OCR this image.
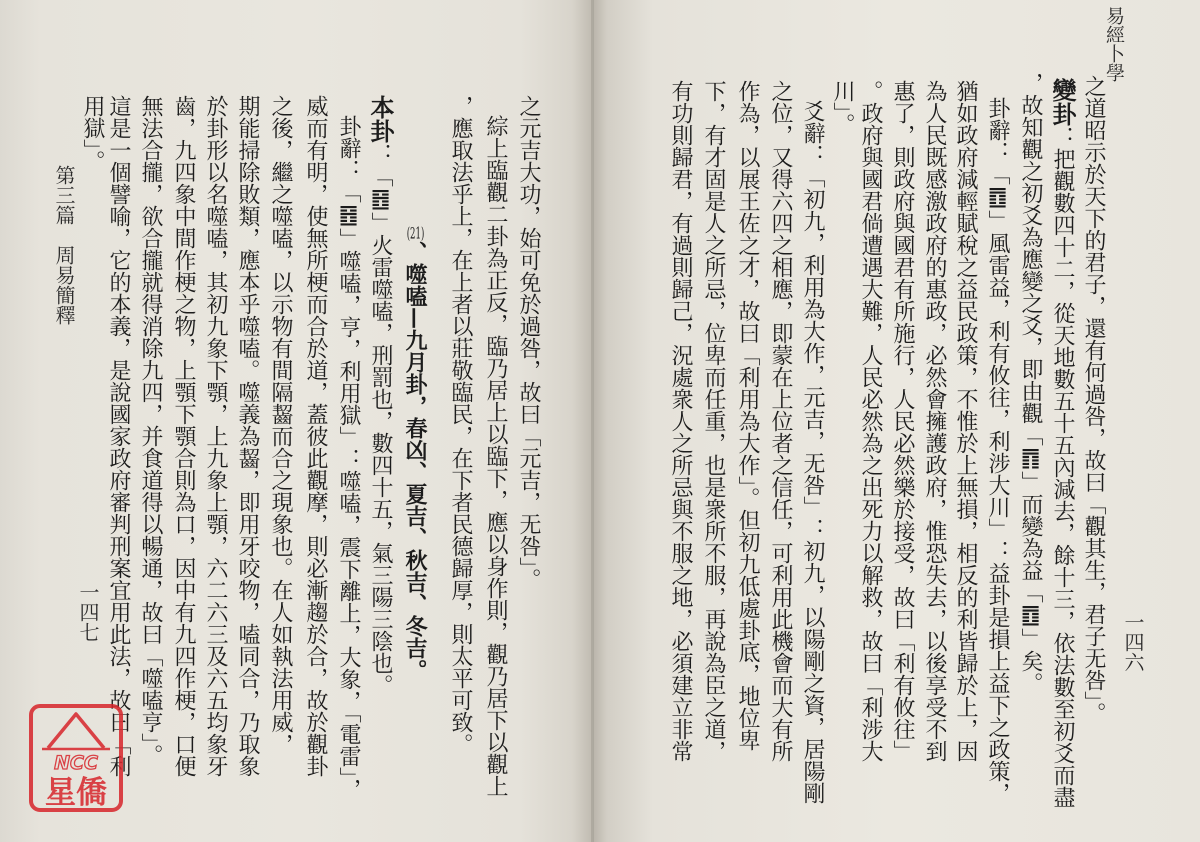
易經卜學
一四六
之道昭示於天下的君子，還有何過咎，故曰「觀其生，君子无咎」。
變卦：把觀數四十二，從天地數五十五內減去，餘十三，依法數至初爻而盡
，故知觀之初爻為應變之爻，即由觀「䷓」而變為益「䷩」矣。
卦辭：「䷩」風雷益，利有攸往，利涉大川」：益卦是損上益下之政策，
猶如政府減輕賦稅之益民政策，不惟於上無損，相反的利皆歸於上，因
為人民既感激政府的惠政，必然會擁護政府，惟恐失去，以後享受不到
惠了，則政府與國君有所施行，人民必然樂於接受，故曰「利有攸往」
。政府與國君倘遭遇大難，人民必然為之出死力以解救，故曰「利涉大
川」。
爻辭：「初九，利用為大作，元吉，无咎」：初九，以陽剛之資，居陽剛
之位，又得六四之相應，即蒙在上位者之信任，可利用此機會而大有所
作為，以展王佐之才，故曰「利用為大作」。但初九低處卦底，地位卑
下，有才固是人之所忌，位卑而任重，也是衆所不服，再說為臣之道，
有功則歸君，有過則歸己，況處衆人之所忌與不服之地，必須建立非常
之元吉大功，始可免於過咎，故曰「元吉，无咎」。
綜上臨觀二卦為正反，臨乃居上以臨下，應以身作則，觀乃居下以觀上
，應取法乎上，在上者以莊敬臨民，在下者民德歸厚，則太平可致。
(21)、噬嗑—九月卦，春凶、夏吉、秋吉、冬吉。
本卦：「䷔」火雷噬嗑，刑罰也，數四十五，氣三陽三陰也。
卦辭：「䷔」噬嗑，亨，利用獄」：噬嗑，震下離上，大象，「電雷」，
威而有明，使無所梗而合於道，蓋彼此觀摩，則必漸趨於合，故於觀卦
之後，繼之噬嗑，以示物有間隔齧而合之現象也。在人如執法用威，
期能掃除敗類，應本乎噬嗑。噬義為齧，即用牙咬物，嗑同合，乃取象
於卦形以名噬嗑，其初九象下顎，上九象上顎，六二六三及六五均象牙
齒，九四象中間作梗之物，上顎下顎合則為口，因中有九四作梗，口便
無法合攏，欲合攏就得消除九四，并食道得以暢通，故曰「噬嗑亨」。
這是一個譬喻，它的本義，是說國家政府審判刑案宜用此法，故曰「利
用獄」。
第三篇　周易簡釋
一四七
NCC
星僑
